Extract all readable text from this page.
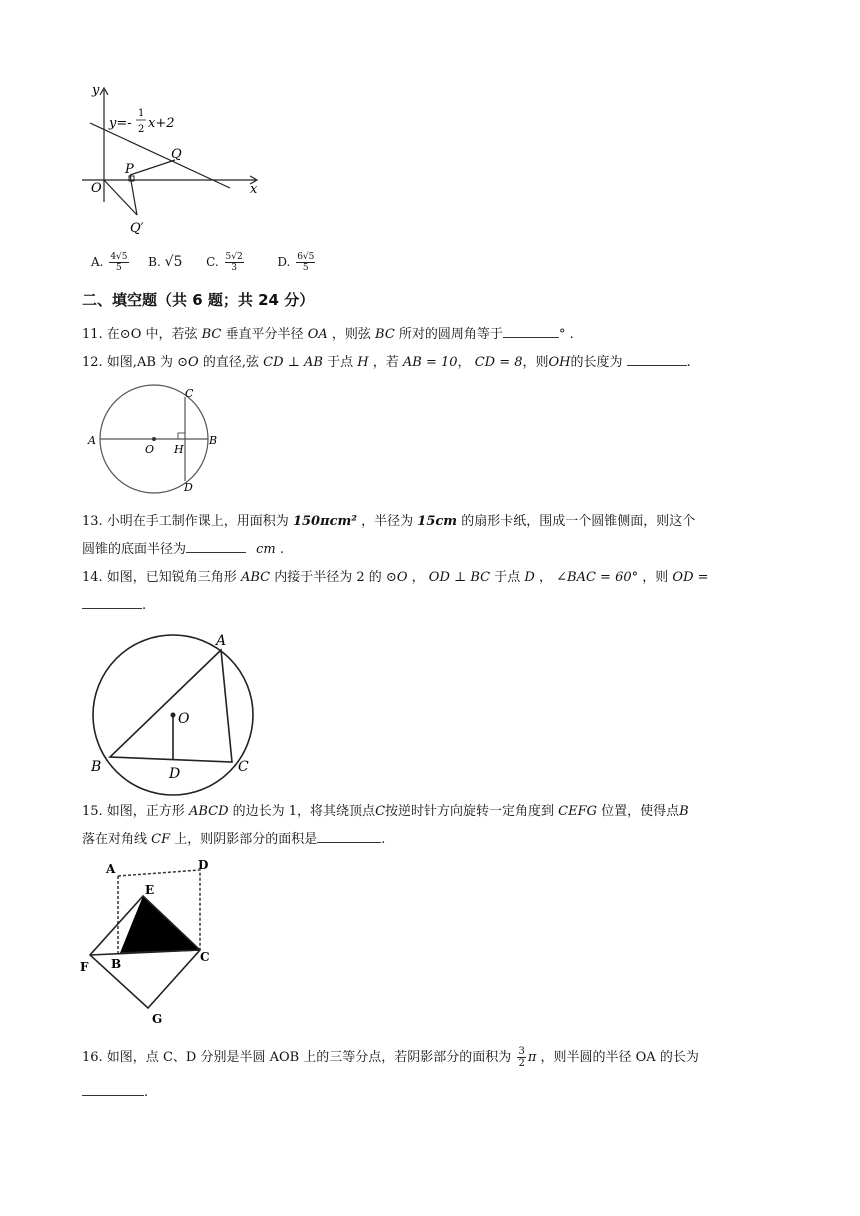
y
x
O
y=-
1
2 x+2
P
Q
Q′
A. $\frac{4√5}{5} B$. √5 C. $\frac{5√2}{3}$	D. $\frac{6√5}{5}$
二、填空题（共 6 题；共 24 分）
11. 在⊙O 中，若弦 BC 垂直平分半径 OA ，则弦 BC 所对的圆周角等于	° .
12. 如图,AB 为 ⊙O 的直径,弦 CD ⊥ AB 于点 H ，若 AB = 10， CD = 8，则OH的长度为	.
A	B
C
D
O H
13. 小明在手工制作课上，用面积为 150πcm² ，半径为 15cm 的扇形卡纸，围成一个圆锥侧面，则这个
圆锥的底面半径为	cm .
14. 如图，已知锐角三角形 ABC 内接于半径为 2 的 ⊙O ， OD ⊥ BC 于点 D ， ∠BAC = 60° ，则 OD =
.
A
B	C
D
O
15. 如图，正方形 ABCD 的边长为 1，将其绕顶点C按逆时针方向旋转一定角度到 CEFG 位置，使得点B
落在对角线 CF 上，则阴影部分的面积是	.
A	D
E
F B	C
G
16. 如图，点 C、D 分别是半圆 AOB 上的三等分点，若阴影部分的面积为 $\frac{3}{2}$ π ，则半圆的半径 OA 的长为
.
